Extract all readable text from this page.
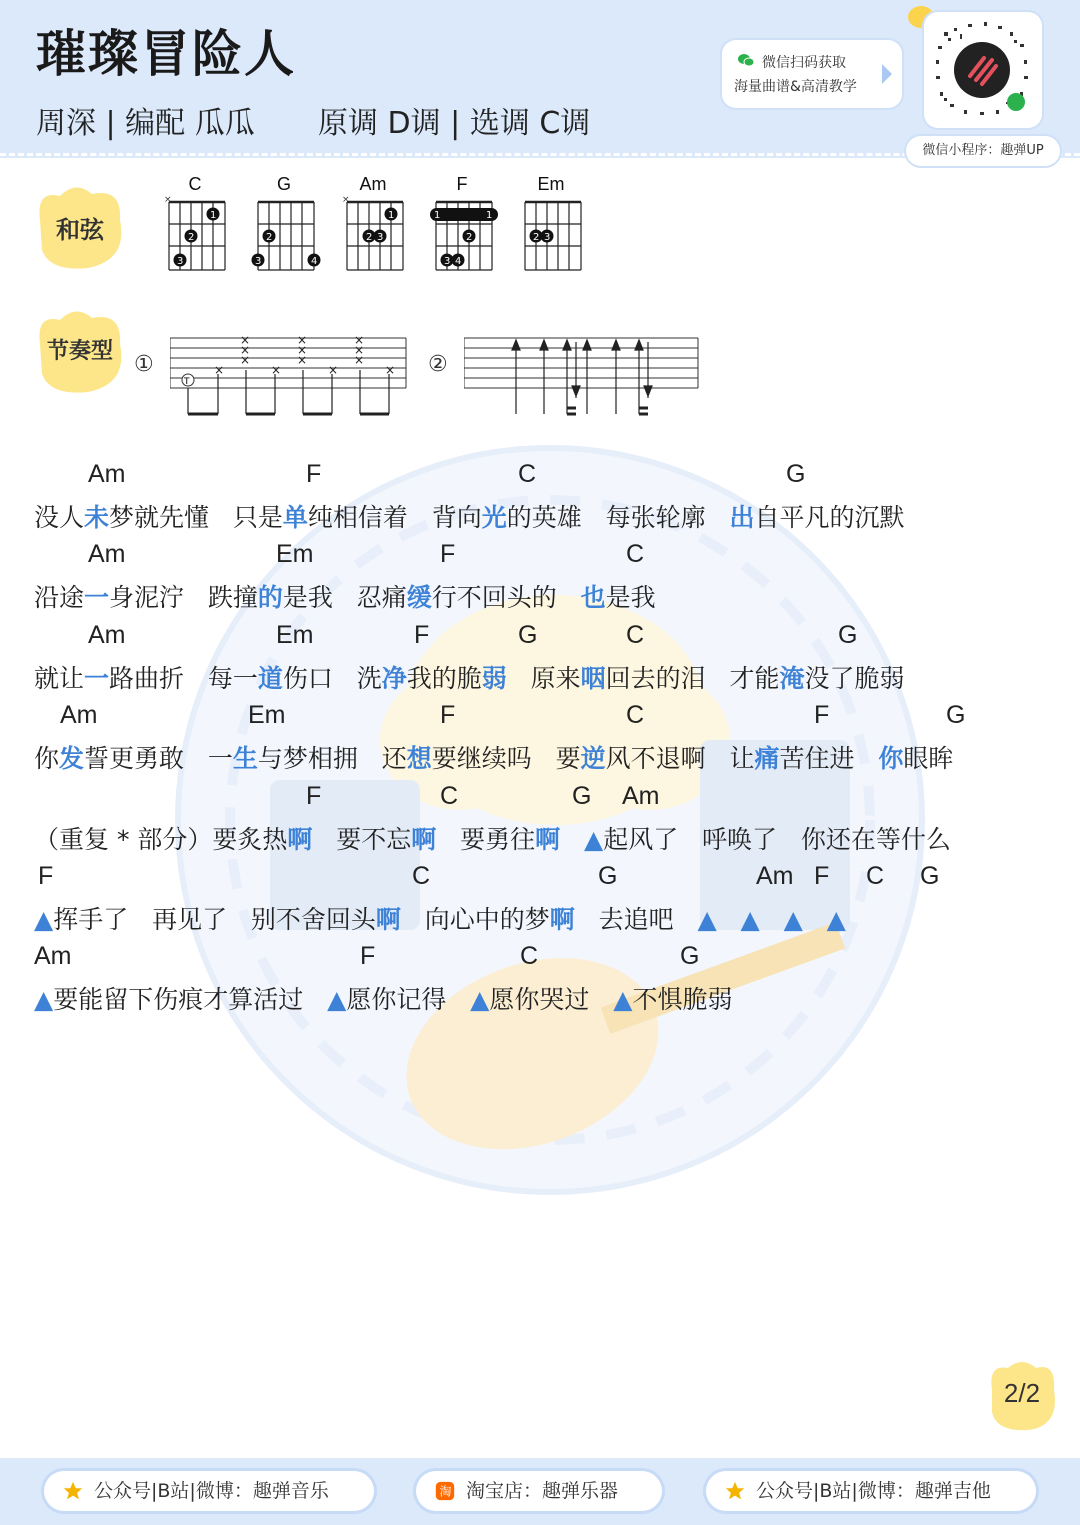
璀璨冒险人
周深 | 编配 瓜瓜 原调 D调 | 选调 C调
微信扫码获取
海量曲谱&高清教学
微信小程序：趣弹UP
和弦
C
×
1
2
3
G
2
3	4
Am
×
1
2 3
F
1	1
2
3 4
Em
2 3
节奏型
①
T
×
×
×
×
×
×
×
×
×
×
×
×
× ②
Am	F	C	G
没人未梦就先懂   只是单纯相信着   背向光的英雄   每张轮廓   出自平凡的沉默
Am	Em	F	C
沿途一身泥泞   跌撞的是我   忍痛缓行不回头的   也是我
Am	Em	F	G	C	G
就让一路曲折   每一道伤口   洗净我的脆弱   原来咽回去的泪   才能淹没了脆弱
Am	Em	F	C	F	G
你发誓更勇敢   一生与梦相拥   还想要继续吗   要逆风不退啊   让痛苦住进   你眼眸
F	C	G Am
（重复 * 部分）要炙热啊   要不忘啊   要勇往啊 ▲起风了   呼唤了   你还在等什么
F	C	G	Am F C G
▲挥手了   再见了   别不舍回头啊   向心中的梦啊   去追吧   ▲   ▲   ▲   ▲
Am	F	C	G
▲要能留下伤痕才算活过   ▲愿你记得   ▲愿你哭过   ▲不惧脆弱
2/2
公众号|B站|微博：趣弹音乐	淘 淘宝店：趣弹乐器	公众号|B站|微博：趣弹吉他
